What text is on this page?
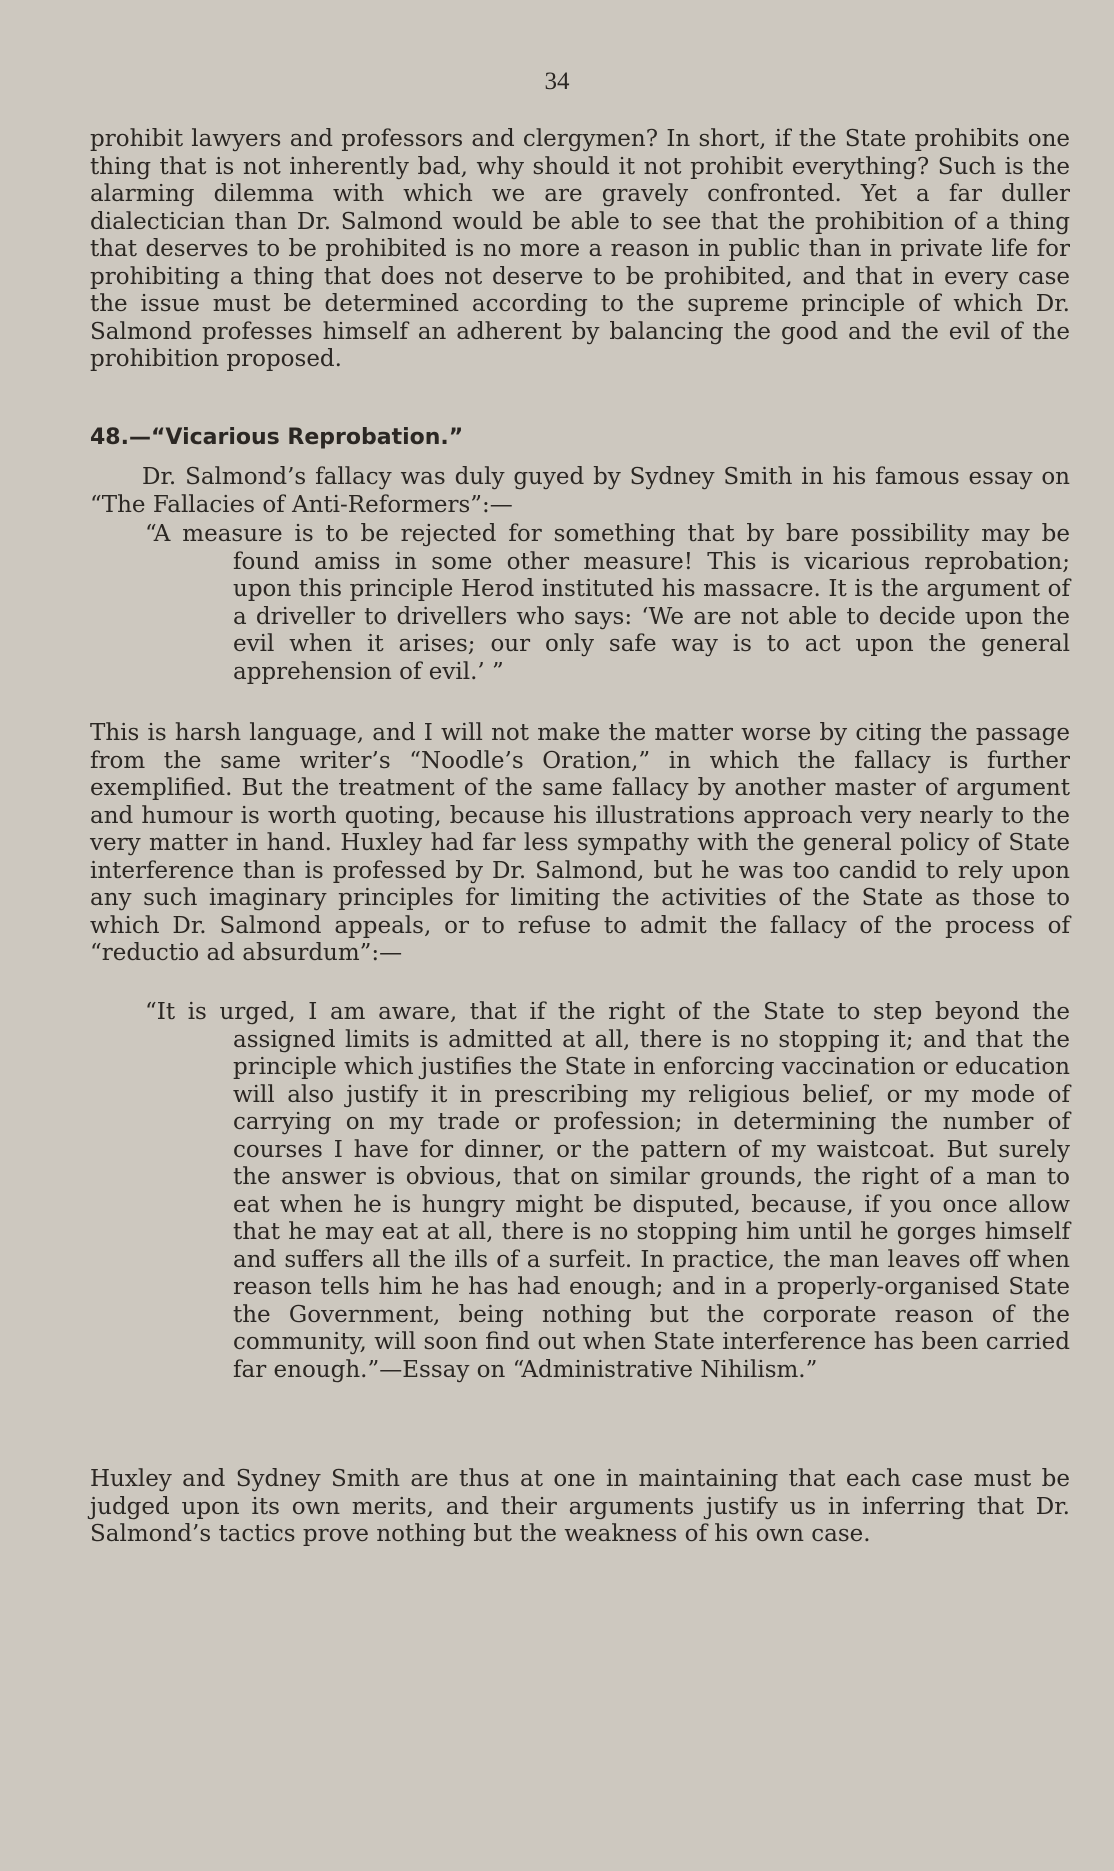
34

prohibit lawyers and professors and clergymen? In short, if the State prohibits one thing that is not inherently bad, why should it not prohibit everything? Such is the alarming dilemma with which we are gravely confronted. Yet a far duller dialectician than Dr. Salmond would be able to see that the prohibition of a thing that deserves to be prohibited is no more a reason in public than in private life for prohibiting a thing that does not deserve to be prohibited, and that in every case the issue must be determined according to the supreme principle of which Dr. Salmond professes himself an adherent by balancing the good and the evil of the prohibition proposed.

48.—“Vicarious Reprobation.”

Dr. Salmond’s fallacy was duly guyed by Sydney Smith in his famous essay on “The Fallacies of Anti-Reformers”:—

“A measure is to be rejected for something that by bare possibility may be found amiss in some other measure! This is vicarious reprobation; upon this principle Herod instituted his massacre. It is the argument of a driveller to drivellers who says: ‘We are not able to decide upon the evil when it arises; our only safe way is to act upon the general apprehension of evil.’ ”

This is harsh language, and I will not make the matter worse by citing the passage from the same writer’s “Noodle’s Oration,” in which the fallacy is further exemplified. But the treatment of the same fallacy by another master of argument and humour is worth quoting, because his illustrations approach very nearly to the very matter in hand. Huxley had far less sympathy with the general policy of State interference than is professed by Dr. Salmond, but he was too candid to rely upon any such imaginary principles for limiting the activities of the State as those to which Dr. Salmond appeals, or to refuse to admit the fallacy of the process of “reductio ad absurdum”:—

“It is urged, I am aware, that if the right of the State to step beyond the assigned limits is admitted at all, there is no stopping it; and that the principle which justifies the State in enforcing vaccination or education will also justify it in prescribing my religious belief, or my mode of carrying on my trade or profession; in determining the number of courses I have for dinner, or the pattern of my waistcoat. But surely the answer is obvious, that on similar grounds, the right of a man to eat when he is hungry might be disputed, because, if you once allow that he may eat at all, there is no stopping him until he gorges himself and suffers all the ills of a surfeit. In practice, the man leaves off when reason tells him he has had enough; and in a properly-organised State the Government, being nothing but the corporate reason of the community, will soon find out when State interference has been carried far enough.”—Essay on “Administrative Nihilism.”

Huxley and Sydney Smith are thus at one in maintaining that each case must be judged upon its own merits, and their arguments justify us in inferring that Dr. Salmond’s tactics prove nothing but the weakness of his own case.
